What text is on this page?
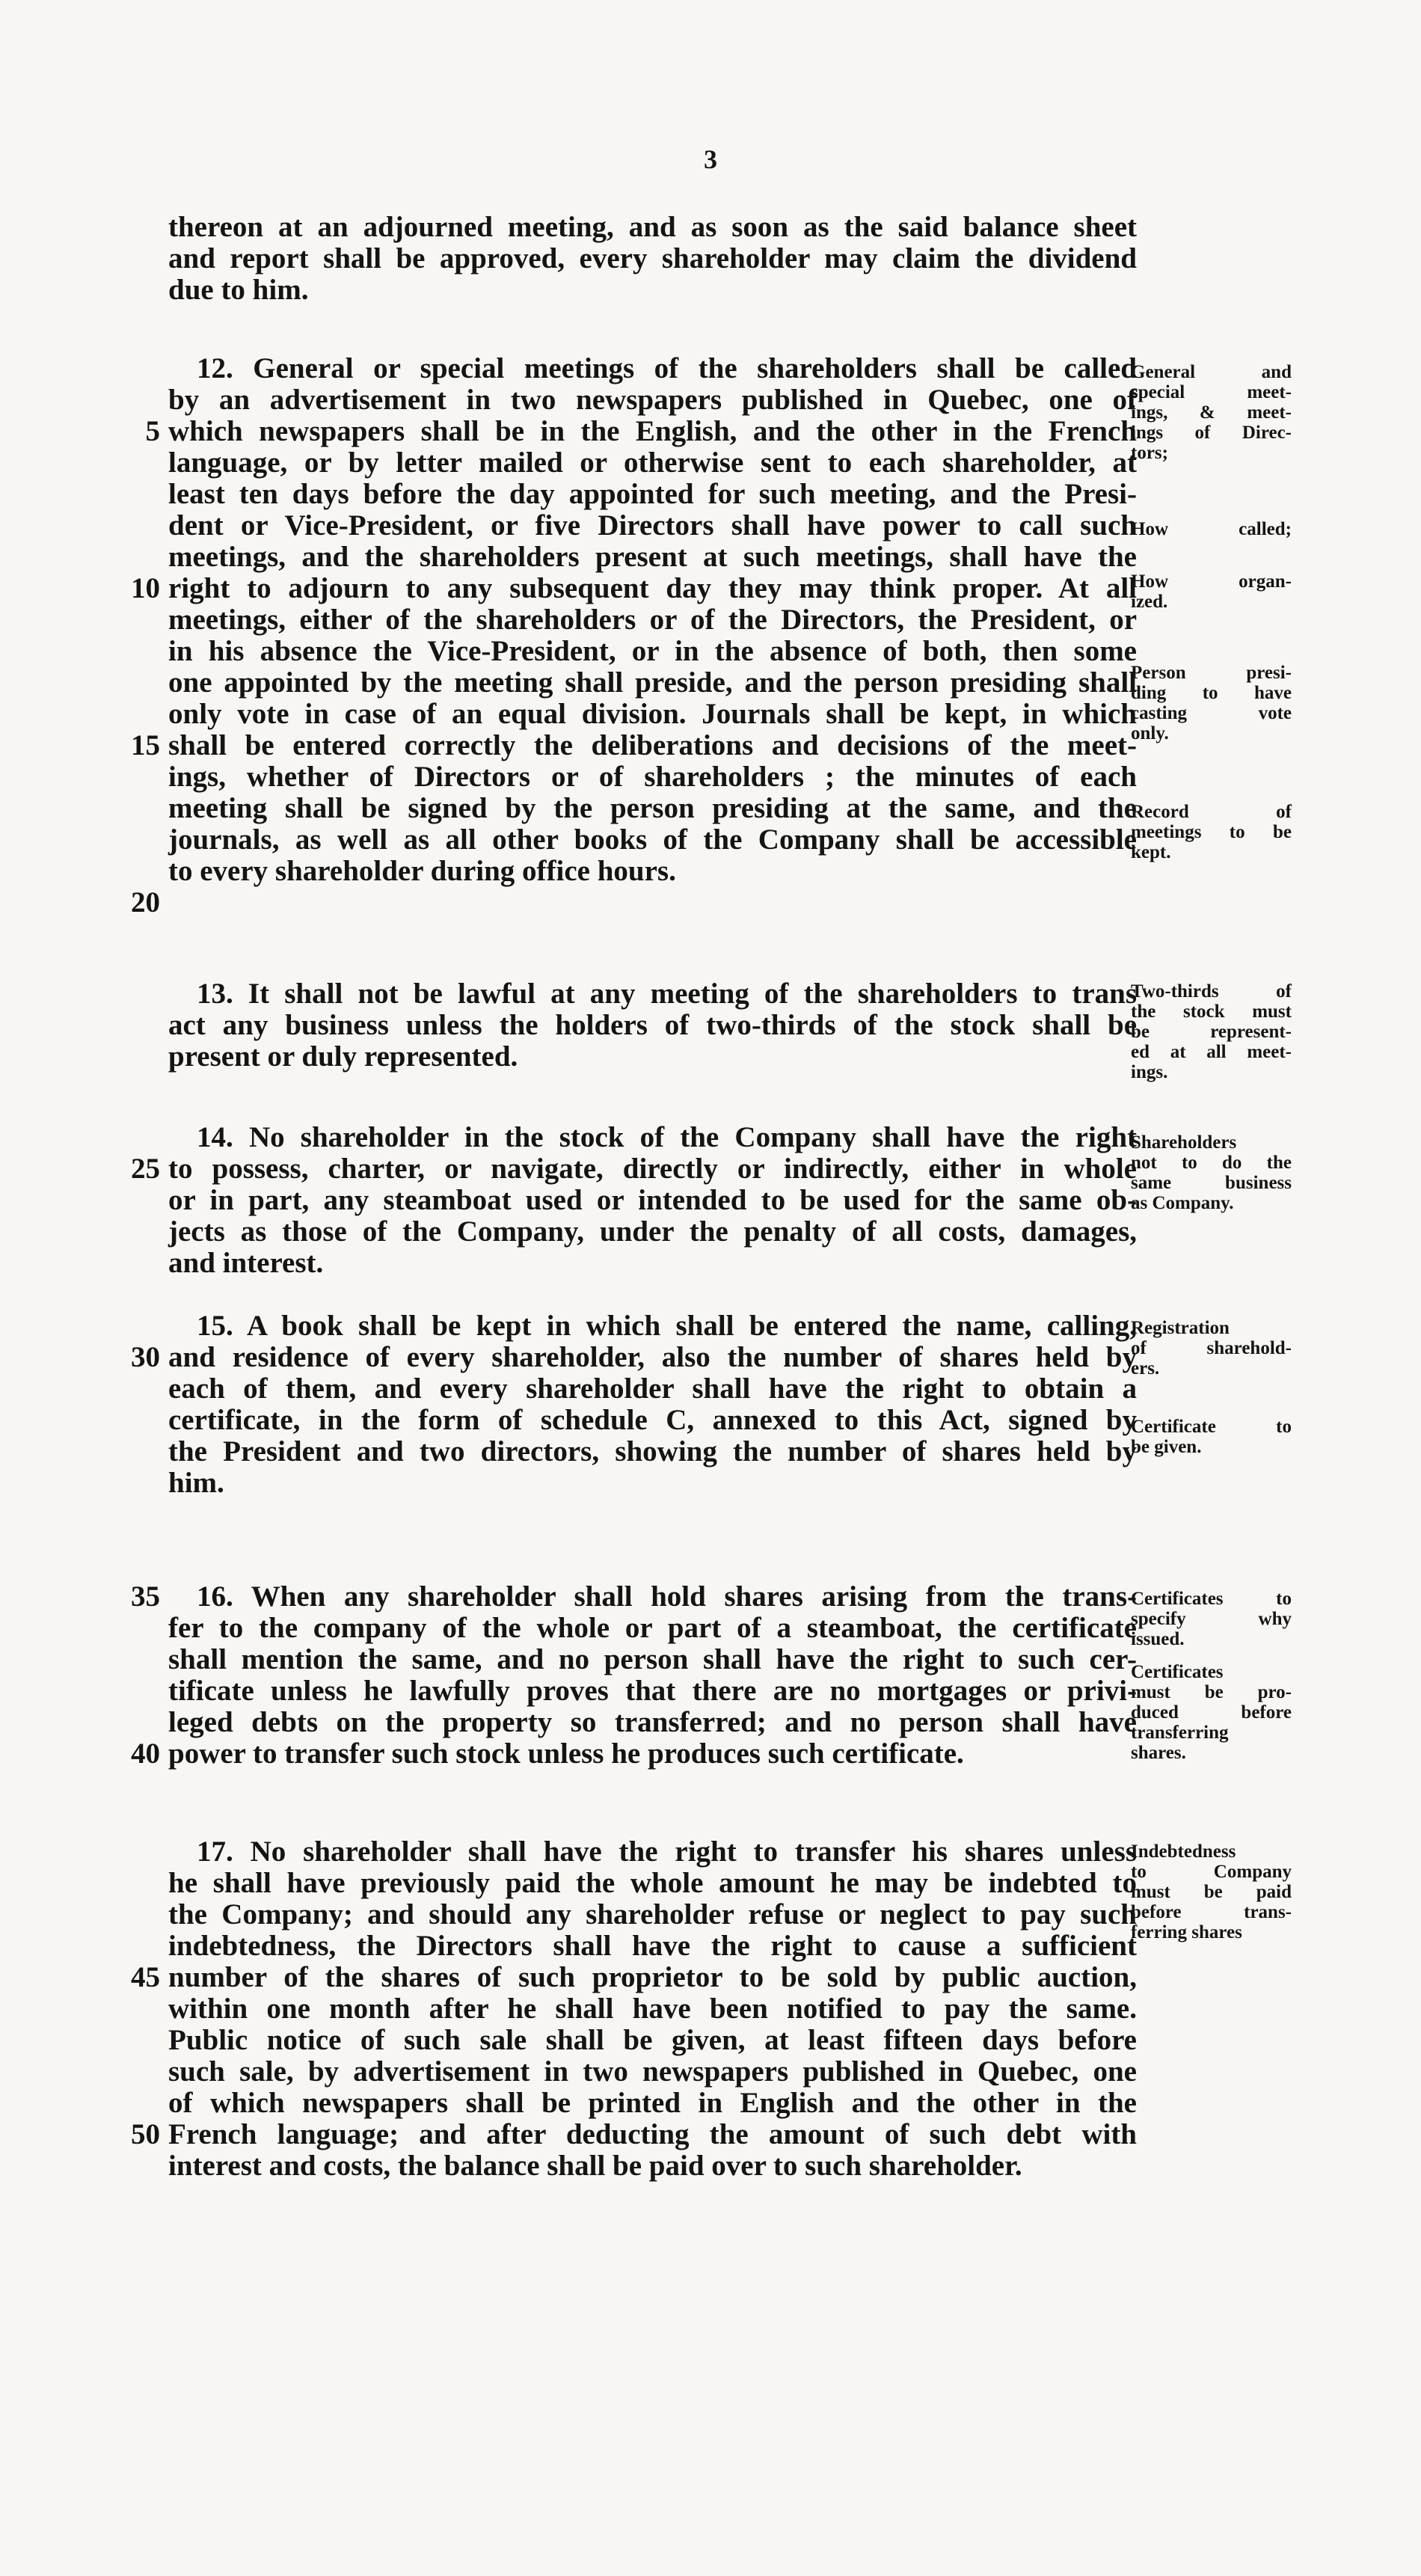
3
thereon at an adjourned meeting, and as soon as the said balance sheet
and report shall be approved, every shareholder may claim the dividend
due to him.
12. General or special meetings of the shareholders shall be called
by an advertisement in two newspapers published in Quebec, one of
which newspapers shall be in the English, and the other in the French
language, or by letter mailed or otherwise sent to each shareholder, at
least ten days before the day appointed for such meeting, and the Presi-
dent or Vice-President, or five Directors shall have power to call such
meetings, and the shareholders present at such meetings, shall have the
right to adjourn to any subsequent day they may think proper. At all
meetings, either of the shareholders or of the Directors, the President, or
in his absence the Vice-President, or in the absence of both, then some
one appointed by the meeting shall preside, and the person presiding shall
only vote in case of an equal division. Journals shall be kept, in which
shall be entered correctly the deliberations and decisions of the meet-
ings, whether of Directors or of shareholders ; the minutes of each
meeting shall be signed by the person presiding at the same, and the
journals, as well as all other books of the Company shall be accessible
to every shareholder during office hours.
13. It shall not be lawful at any meeting of the shareholders to trans
act any business unless the holders of two-thirds of the stock shall be
present or duly represented.
14. No shareholder in the stock of the Company shall have the right
to possess, charter, or navigate, directly or indirectly, either in whole
or in part, any steamboat used or intended to be used for the same ob-
jects as those of the Company, under the penalty of all costs, damages,
and interest.
15. A book shall be kept in which shall be entered the name, calling,
and residence of every shareholder, also the number of shares held by
each of them, and every shareholder shall have the right to obtain a
certificate, in the form of schedule C, annexed to this Act, signed by
the President and two directors, showing the number of shares held by
him.
16. When any shareholder shall hold shares arising from the trans-
fer to the company of the whole or part of a steamboat, the certificate
shall mention the same, and no person shall have the right to such cer-
tificate unless he lawfully proves that there are no mortgages or privi-
leged debts on the property so transferred; and no person shall have
power to transfer such stock unless he produces such certificate.
17. No shareholder shall have the right to transfer his shares unless
he shall have previously paid the whole amount he may be indebted to
the Company; and should any shareholder refuse or neglect to pay such
indebtedness, the Directors shall have the right to cause a sufficient
number of the shares of such proprietor to be sold by public auction,
within one month after he shall have been notified to pay the same.
Public notice of such sale shall be given, at least fifteen days before
such sale, by advertisement in two newspapers published in Quebec, one
of which newspapers shall be printed in English and the other in the
French language; and after deducting the amount of such debt with
interest and costs, the balance shall be paid over to such shareholder.
5
10
15
20
25
30
35
40
45
50
General and
special meet-
ings, & meet-
ings of Direc-
tors;
How called;
How organ-
ized.
Person presi-
ding to have
casting vote
only.
Record of
meetings to be
kept.
Two-thirds of
the stock must
be represent-
ed at all meet-
ings.
Shareholders
not to do the
same business
as Company.
Registration
of sharehold-
ers.
Certificate to
be given.
Certificates to
specify why
issued.
Certificates
must be pro-
duced before
transferring
shares.
Indebtedness
to Company
must be paid
before trans-
ferring shares
